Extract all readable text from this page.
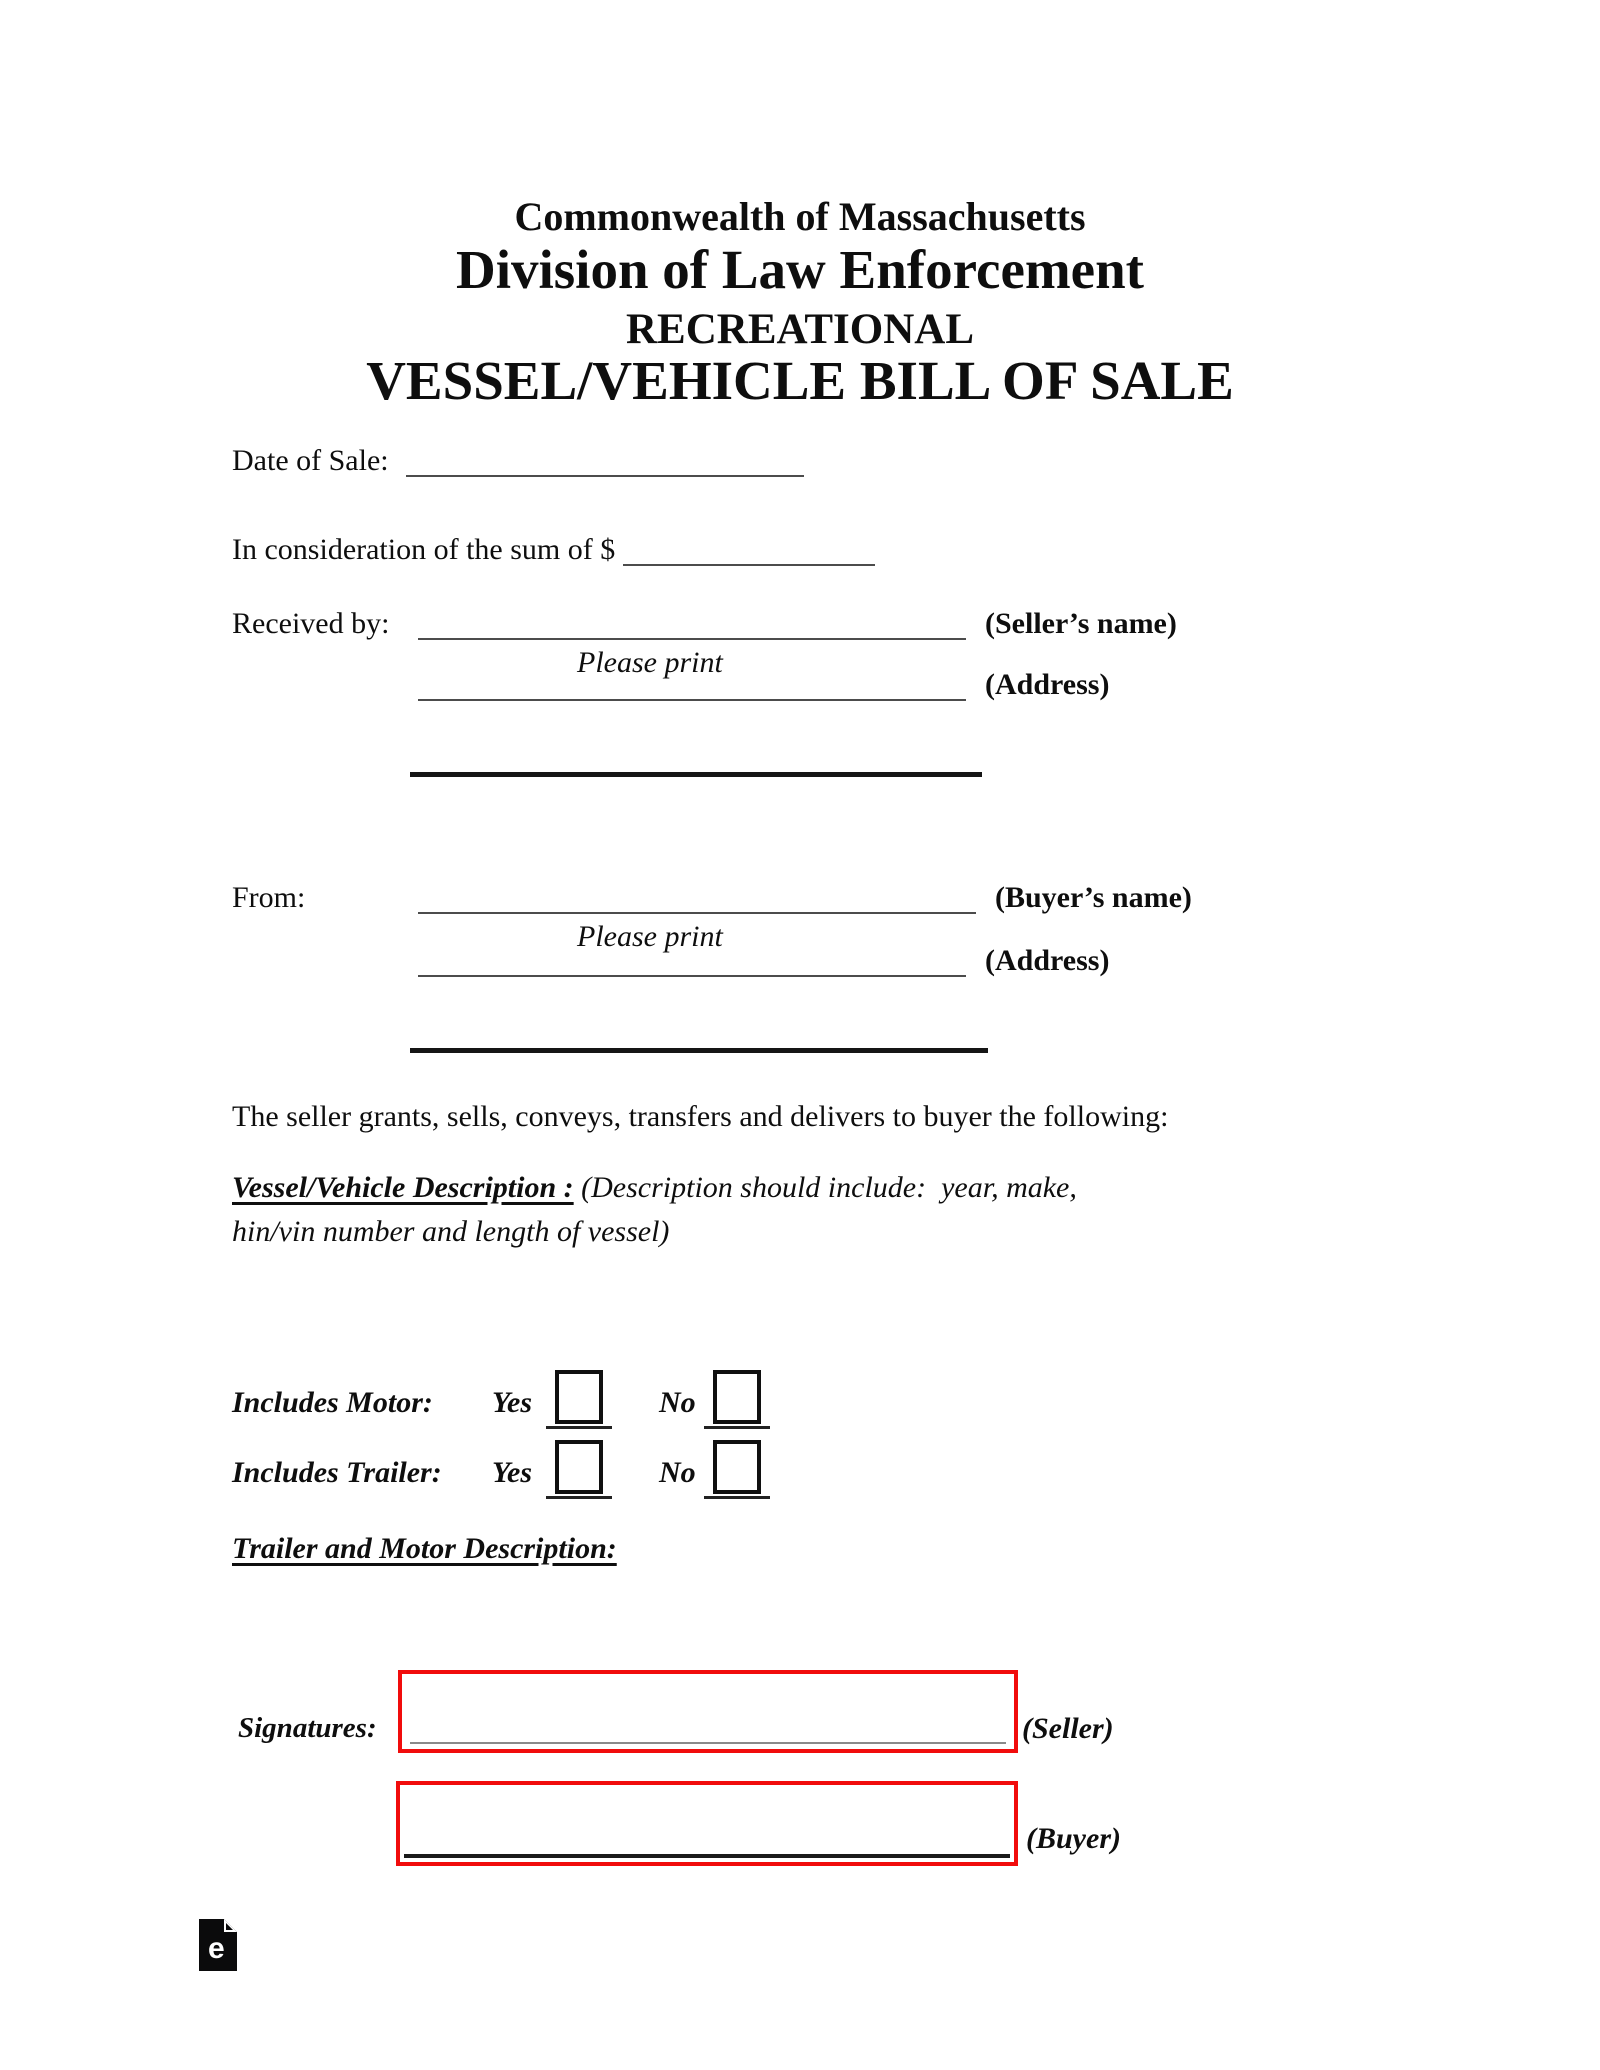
Commonwealth of Massachusetts
Division of Law Enforcement
RECREATIONAL
VESSEL/VEHICLE BILL OF SALE
Date of Sale:
In consideration of the sum of $
Received by:	(Seller’s name)
Please print
(Address)
From:	(Buyer’s name)
Please print
(Address)
The seller grants, sells, conveys, transfers and delivers to buyer the following:
Vessel/Vehicle Description : (Description should include:  year, make, hin/vin number and length of vessel)
Includes Motor: Yes	No
Includes Trailer: Yes	No
Trailer and Motor Description:
Signatures:	(Seller)
(Buyer)
e
